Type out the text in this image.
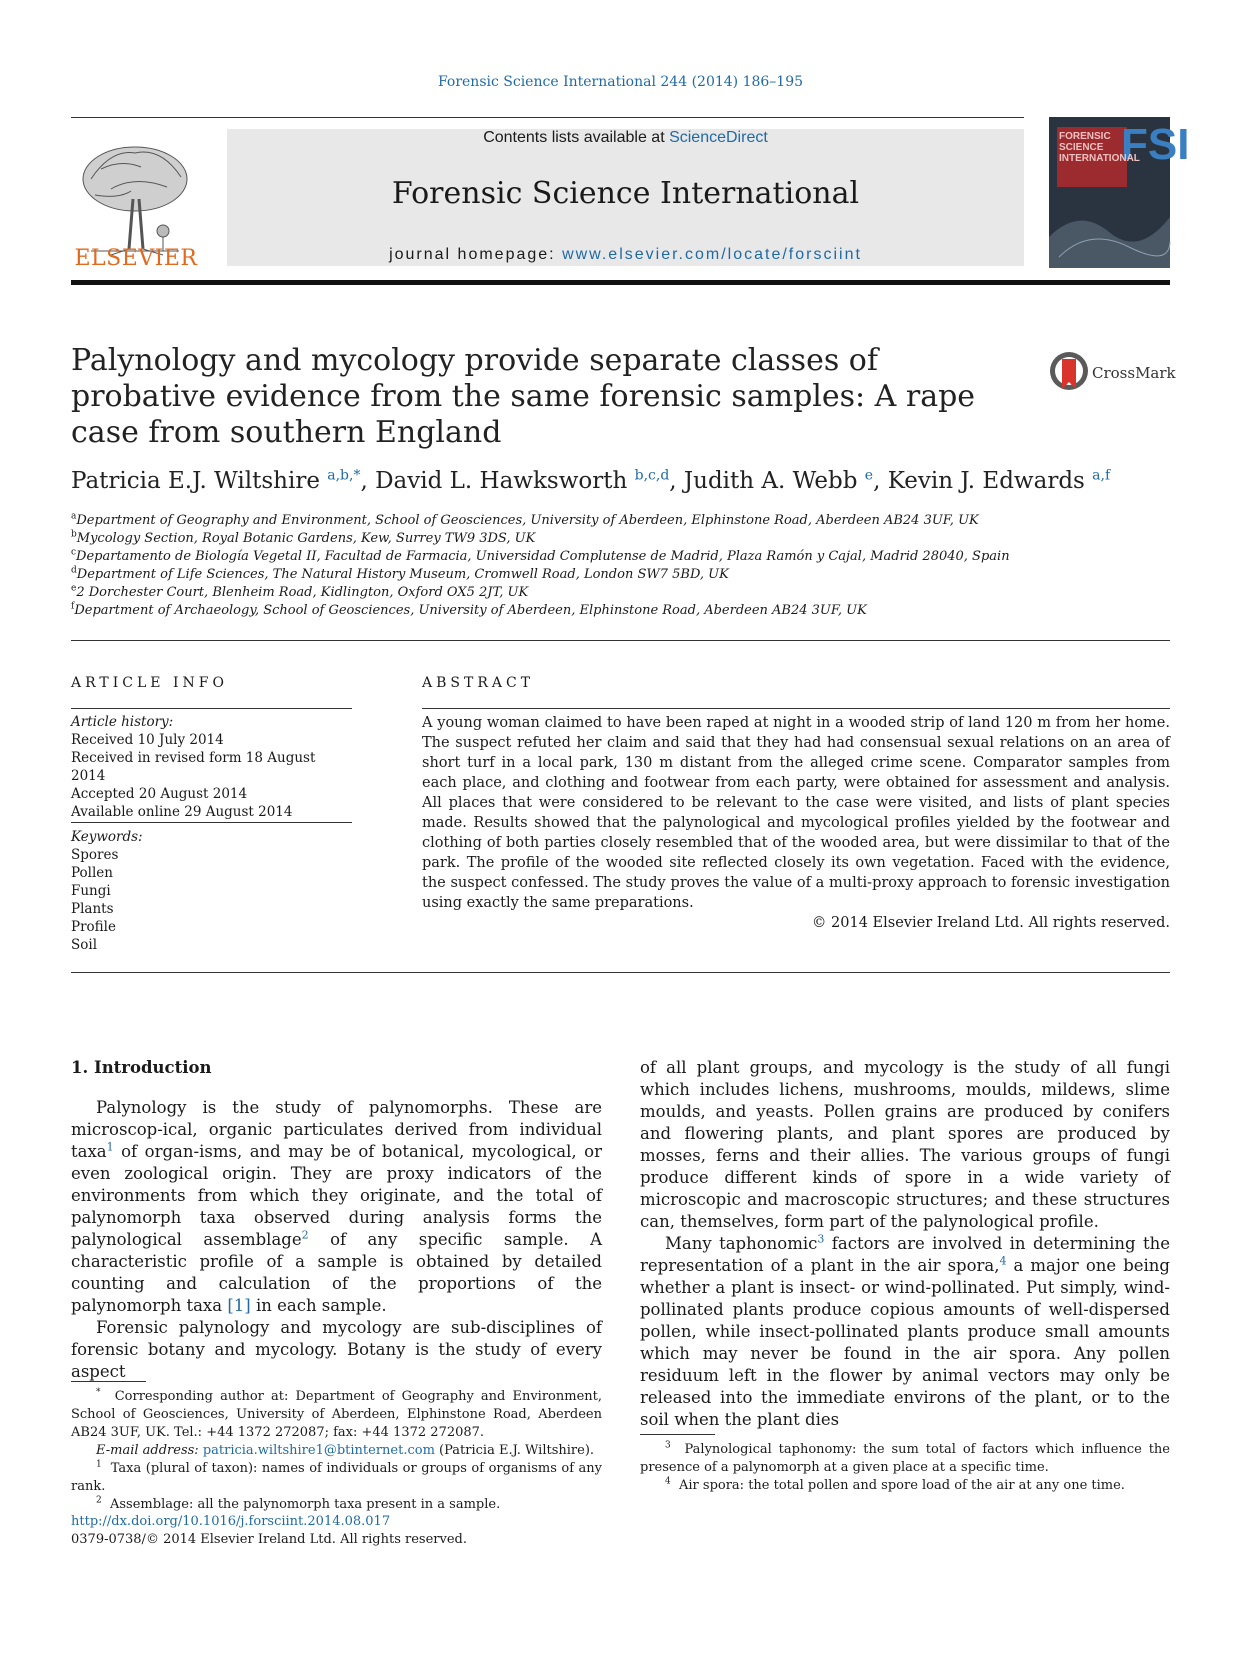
Forensic Science International 244 (2014) 186–195
ELSEVIER
Contents lists available at ScienceDirect
Forensic Science International
journal homepage: www.elsevier.com/locate/forsciint
FSI
FORENSIC
SCIENCE
INTERNATIONAL
Palynology and mycology provide separate classes of probative evidence from the same forensic samples: A rape case from southern England
CrossMark
Patricia E.J. Wiltshire $^{a,b,*}$, David L. Hawksworth $^{b,c,d}$, Judith A. Webb $^e$, Kevin J. Edwards $^{a,f}$
$^a$Department of Geography and Environment, School of Geosciences, University of Aberdeen, Elphinstone Road, Aberdeen AB24 3UF, UK
$^b$Mycology Section, Royal Botanic Gardens, Kew, Surrey TW9 3DS, UK
$^c$Departamento de Biología Vegetal II, Facultad de Farmacia, Universidad Complutense de Madrid, Plaza Ramón y Cajal, Madrid 28040, Spain
$^d$Department of Life Sciences, The Natural History Museum, Cromwell Road, London SW7 5BD, UK
$^e$2 Dorchester Court, Blenheim Road, Kidlington, Oxford OX5 2JT, UK
$^f$Department of Archaeology, School of Geosciences, University of Aberdeen, Elphinstone Road, Aberdeen AB24 3UF, UK
ARTICLE INFO
Article history:
Received 10 July 2014
Received in revised form 18 August 2014
Accepted 20 August 2014
Available online 29 August 2014
Keywords:
Spores
Pollen
Fungi
Plants
Profile
Soil
ABSTRACT

A young woman claimed to have been raped at night in a wooded strip of land 120 m from her home. The suspect refuted her claim and said that they had had consensual sexual relations on an area of short turf in a local park, 130 m distant from the alleged crime scene. Comparator samples from each place, and clothing and footwear from each party, were obtained for assessment and analysis. All places that were considered to be relevant to the case were visited, and lists of plant species made. Results showed that the palynological and mycological profiles yielded by the footwear and clothing of both parties closely resembled that of the wooded area, but were dissimilar to that of the park. The profile of the wooded site reflected closely its own vegetation. Faced with the evidence, the suspect confessed. The study proves the value of a multi-proxy approach to forensic investigation using exactly the same preparations.

© 2014 Elsevier Ireland Ltd. All rights reserved.

1. Introduction

Palynology is the study of palynomorphs. These are microscop-ical, organic particulates derived from individual taxa$^1$ of organ-isms, and may be of botanical, mycological, or even zoological origin. They are proxy indicators of the environments from which they originate, and the total of palynomorph taxa observed during analysis forms the palynological assemblage$^2$ of any specific sample. A characteristic profile of a sample is obtained by detailed counting and calculation of the proportions of the palynomorph taxa [1] in each sample.

Forensic palynology and mycology are sub-disciplines of forensic botany and mycology. Botany is the study of every aspect

of all plant groups, and mycology is the study of all fungi which includes lichens, mushrooms, moulds, mildews, slime moulds, and yeasts. Pollen grains are produced by conifers and flowering plants, and plant spores are produced by mosses, ferns and their allies. The various groups of fungi produce different kinds of spore in a wide variety of microscopic and macroscopic structures; and these structures can, themselves, form part of the palynological profile.

Many taphonomic$^3$ factors are involved in determining the representation of a plant in the air spora,$^4$ a major one being whether a plant is insect- or wind-pollinated. Put simply, wind-pollinated plants produce copious amounts of well-dispersed pollen, while insect-pollinated plants produce small amounts which may never be found in the air spora. Any pollen residuum left in the flower by animal vectors may only be released into the immediate environs of the plant, or to the soil when the plant dies

* Corresponding author at: Department of Geography and Environment, School of Geosciences, University of Aberdeen, Elphinstone Road, Aberdeen AB24 3UF, UK. Tel.: +44 1372 272087; fax: +44 1372 272087.

E-mail address: patricia.wiltshire1@btinternet.com (Patricia E.J. Wiltshire).

$^1$ Taxa (plural of taxon): names of individuals or groups of organisms of any rank.

$^2$ Assemblage: all the palynomorph taxa present in a sample.

$^3$ Palynological taphonomy: the sum total of factors which influence the presence of a palynomorph at a given place at a specific time.

$^4$ Air spora: the total pollen and spore load of the air at any one time.

http://dx.doi.org/10.1016/j.forsciint.2014.08.017
0379-0738/© 2014 Elsevier Ireland Ltd. All rights reserved.
